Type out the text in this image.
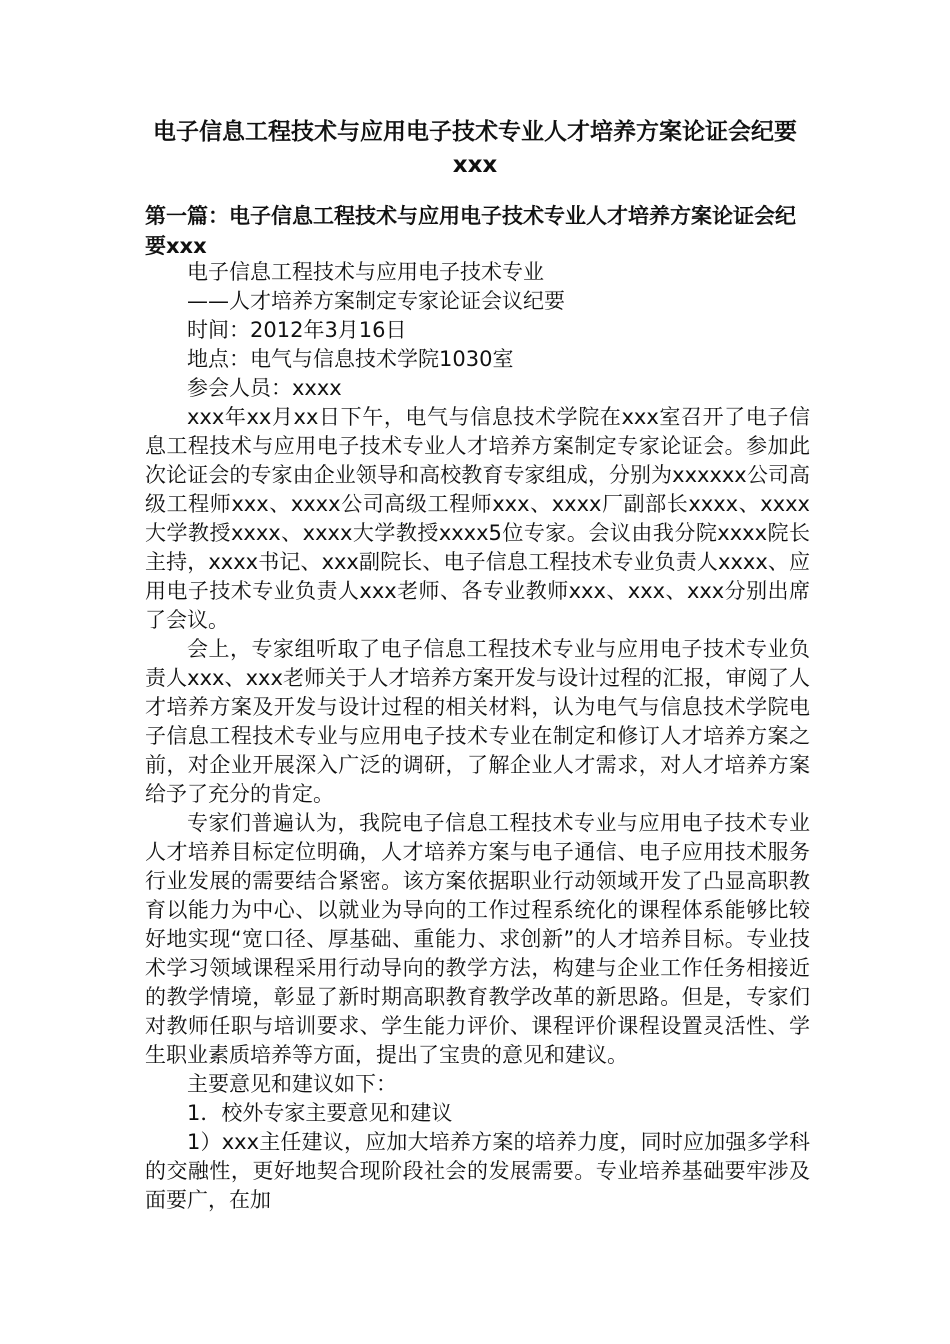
电子信息工程技术与应用电子技术专业人才培养方案论证会纪要xxx
第一篇：电子信息工程技术与应用电子技术专业人才培养方案论证会纪要xxx

电子信息工程技术与应用电子技术专业

——人才培养方案制定专家论证会议纪要

时间：2012年3月16日

地点：电气与信息技术学院1030室

参会人员：xxxx

xxx年xx月xx日下午，电气与信息技术学院在xxx室召开了电子信息工程技术与应用电子技术专业人才培养方案制定专家论证会。参加此次论证会的专家由企业领导和高校教育专家组成，分别为xxxxxx公司高级工程师xxx、xxxx公司高级工程师xxx、xxxx厂副部长xxxx、xxxx大学教授xxxx、xxxx大学教授xxxx5位专家。会议由我分院xxxx院长主持，xxxx书记、xxx副院长、电子信息工程技术专业负责人xxxx、应用电子技术专业负责人xxx老师、各专业教师xxx、xxx、xxx分别出席了会议。

会上，专家组听取了电子信息工程技术专业与应用电子技术专业负责人xxx、xxx老师关于人才培养方案开发与设计过程的汇报，审阅了人才培养方案及开发与设计过程的相关材料，认为电气与信息技术学院电子信息工程技术专业与应用电子技术专业在制定和修订人才培养方案之前，对企业开展深入广泛的调研，了解企业人才需求，对人才培养方案给予了充分的肯定。

专家们普遍认为，我院电子信息工程技术专业与应用电子技术专业人才培养目标定位明确，人才培养方案与电子通信、电子应用技术服务行业发展的需要结合紧密。该方案依据职业行动领域开发了凸显高职教育以能力为中心、以就业为导向的工作过程系统化的课程体系能够比较好地实现“宽口径、厚基础、重能力、求创新”的人才培养目标。专业技术学习领域课程采用行动导向的教学方法，构建与企业工作任务相接近的教学情境，彰显了新时期高职教育教学改革的新思路。但是，专家们对教师任职与培训要求、学生能力评价、课程评价课程设置灵活性、学生职业素质培养等方面，提出了宝贵的意见和建议。

主要意见和建议如下：

1．校外专家主要意见和建议

1）xxx主任建议，应加大培养方案的培养力度，同时应加强多学科的交融性，更好地契合现阶段社会的发展需要。专业培养基础要牢涉及面要广，在加
